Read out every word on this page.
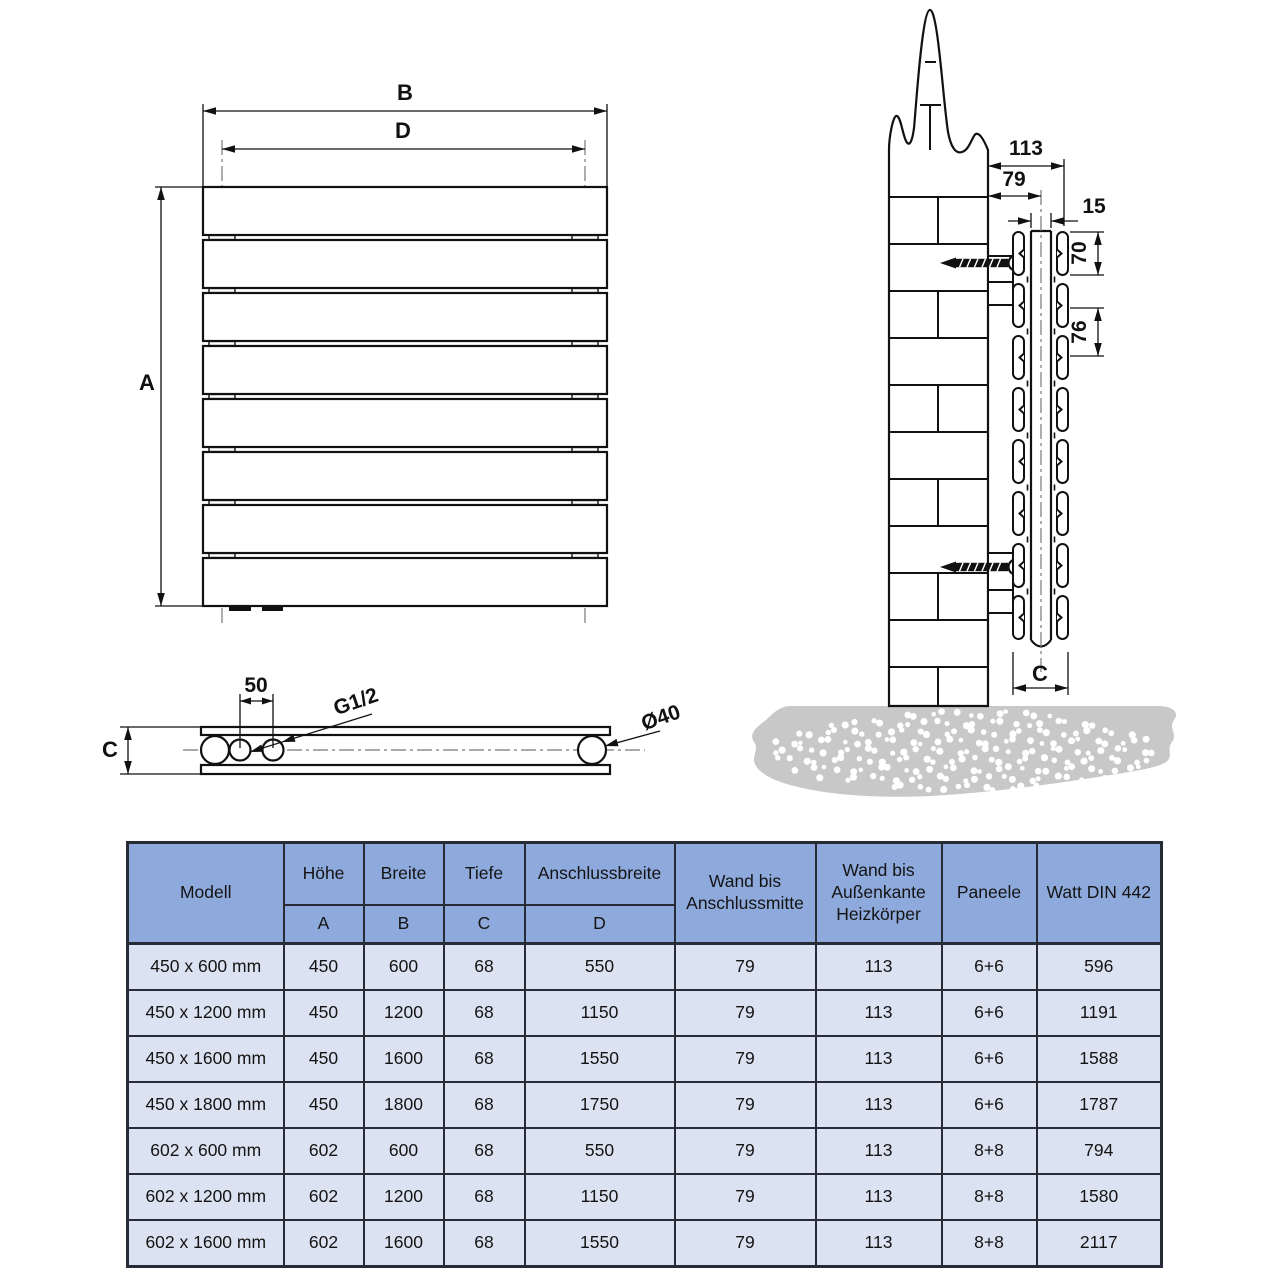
B
D
A
113
79
15
70
76
C
50
C
G1/2	Ø40
Modell	Höhe	Breite	Tiefe	Anschlussbreite	Wand bis Anschlussmitte	Wand bis Außenkante Heizkörper	Paneele	Watt DIN 442
	A	B	C	D				
450 x 600 mm	450	600	68	550	79	113	6+6	596
450 x 1200 mm	450	1200	68	1150	79	113	6+6	1191
450 x 1600 mm	450	1600	68	1550	79	113	6+6	1588
450 x 1800 mm	450	1800	68	1750	79	113	6+6	1787
602 x 600 mm	602	600	68	550	79	113	8+8	794
602 x 1200 mm	602	1200	68	1150	79	113	8+8	1580
602 x 1600 mm	602	1600	68	1550	79	113	8+8	2117
